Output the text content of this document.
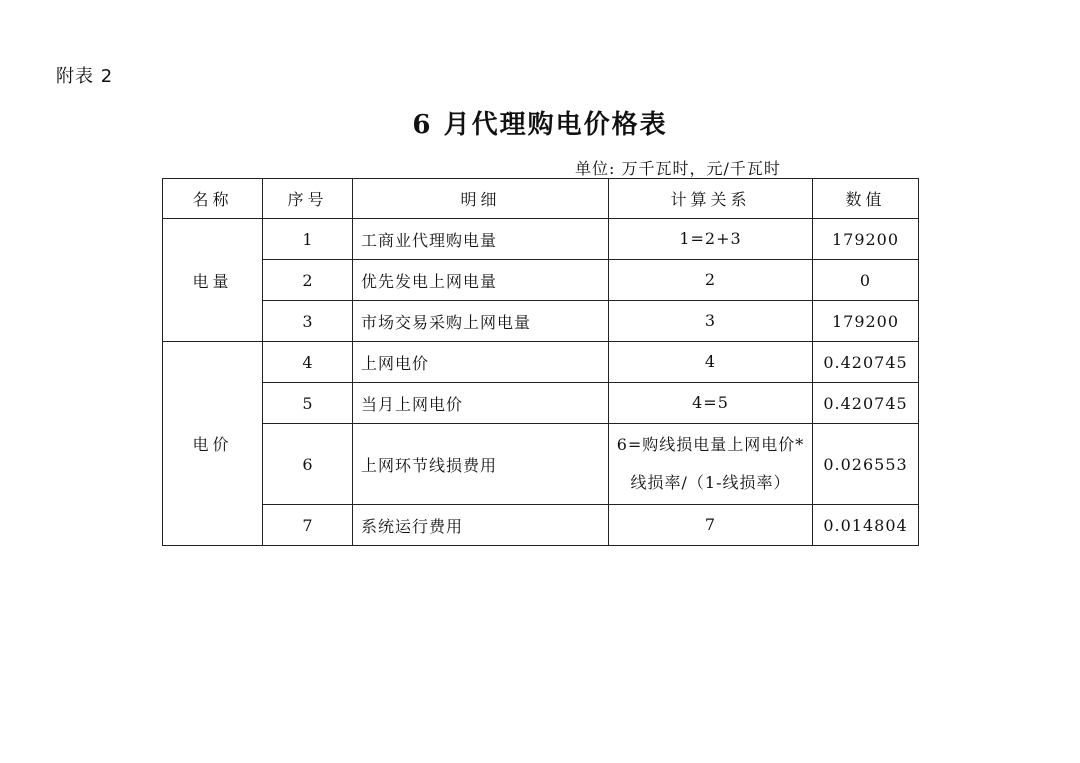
附表 2
6 月代理购电价格表
单位: 万千瓦时，元/千瓦时
名称	序号	明细	计算关系	数值
电量	1	工商业代理购电量	1=2+3	179200
	2	优先发电上网电量	2	0
	3	市场交易采购上网电量	3	179200
电价	4	上网电价	4	0.420745
	5	当月上网电价	4=5	0.420745
	6	上网环节线损费用	6=购线损电量上网电价*
线损率/（1-线损率）	0.026553
	7	系统运行费用	7	0.014804
